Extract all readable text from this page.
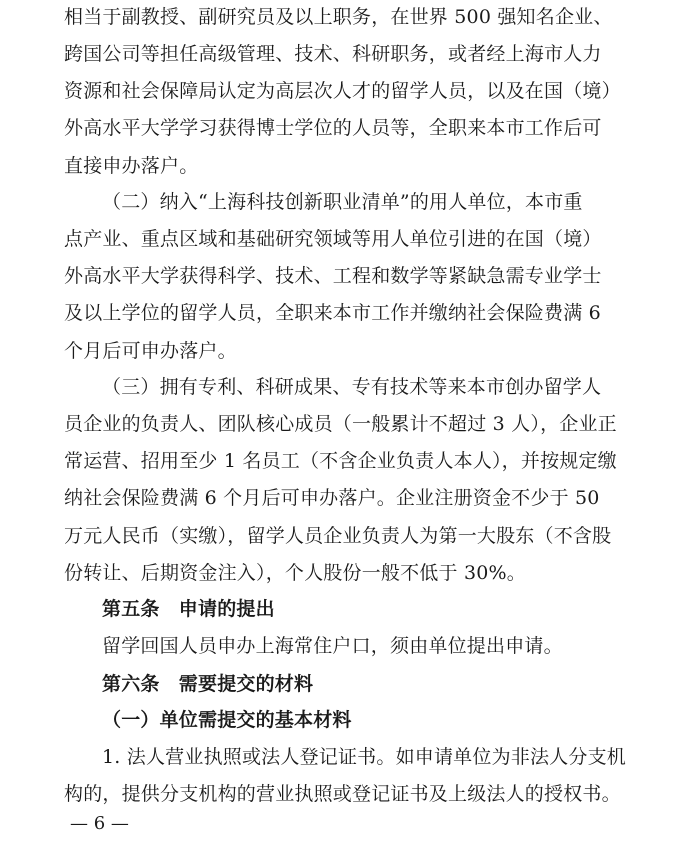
相当于副教授、副研究员及以上职务，在世界 500 强知名企业、
跨国公司等担任高级管理、技术、科研职务，或者经上海市人力
资源和社会保障局认定为高层次人才的留学人员，以及在国（境）
外高水平大学学习获得博士学位的人员等，全职来本市工作后可
直接申办落户。
（二）纳入“上海科技创新职业清单”的用人单位，本市重
点产业、重点区域和基础研究领域等用人单位引进的在国（境）
外高水平大学获得科学、技术、工程和数学等紧缺急需专业学士
及以上学位的留学人员，全职来本市工作并缴纳社会保险费满 6
个月后可申办落户。
（三）拥有专利、科研成果、专有技术等来本市创办留学人
员企业的负责人、团队核心成员（一般累计不超过 3 人），企业正
常运营、招用至少 1 名员工（不含企业负责人本人），并按规定缴
纳社会保险费满 6 个月后可申办落户。企业注册资金不少于 50
万元人民币（实缴），留学人员企业负责人为第一大股东（不含股
份转让、后期资金注入），个人股份一般不低于 30%。
第五条　申请的提出
留学回国人员申办上海常住户口，须由单位提出申请。
第六条　需要提交的材料
（一）单位需提交的基本材料
1. 法人营业执照或法人登记证书。如申请单位为非法人分支机
构的，提供分支机构的营业执照或登记证书及上级法人的授权书。
— 6 —
